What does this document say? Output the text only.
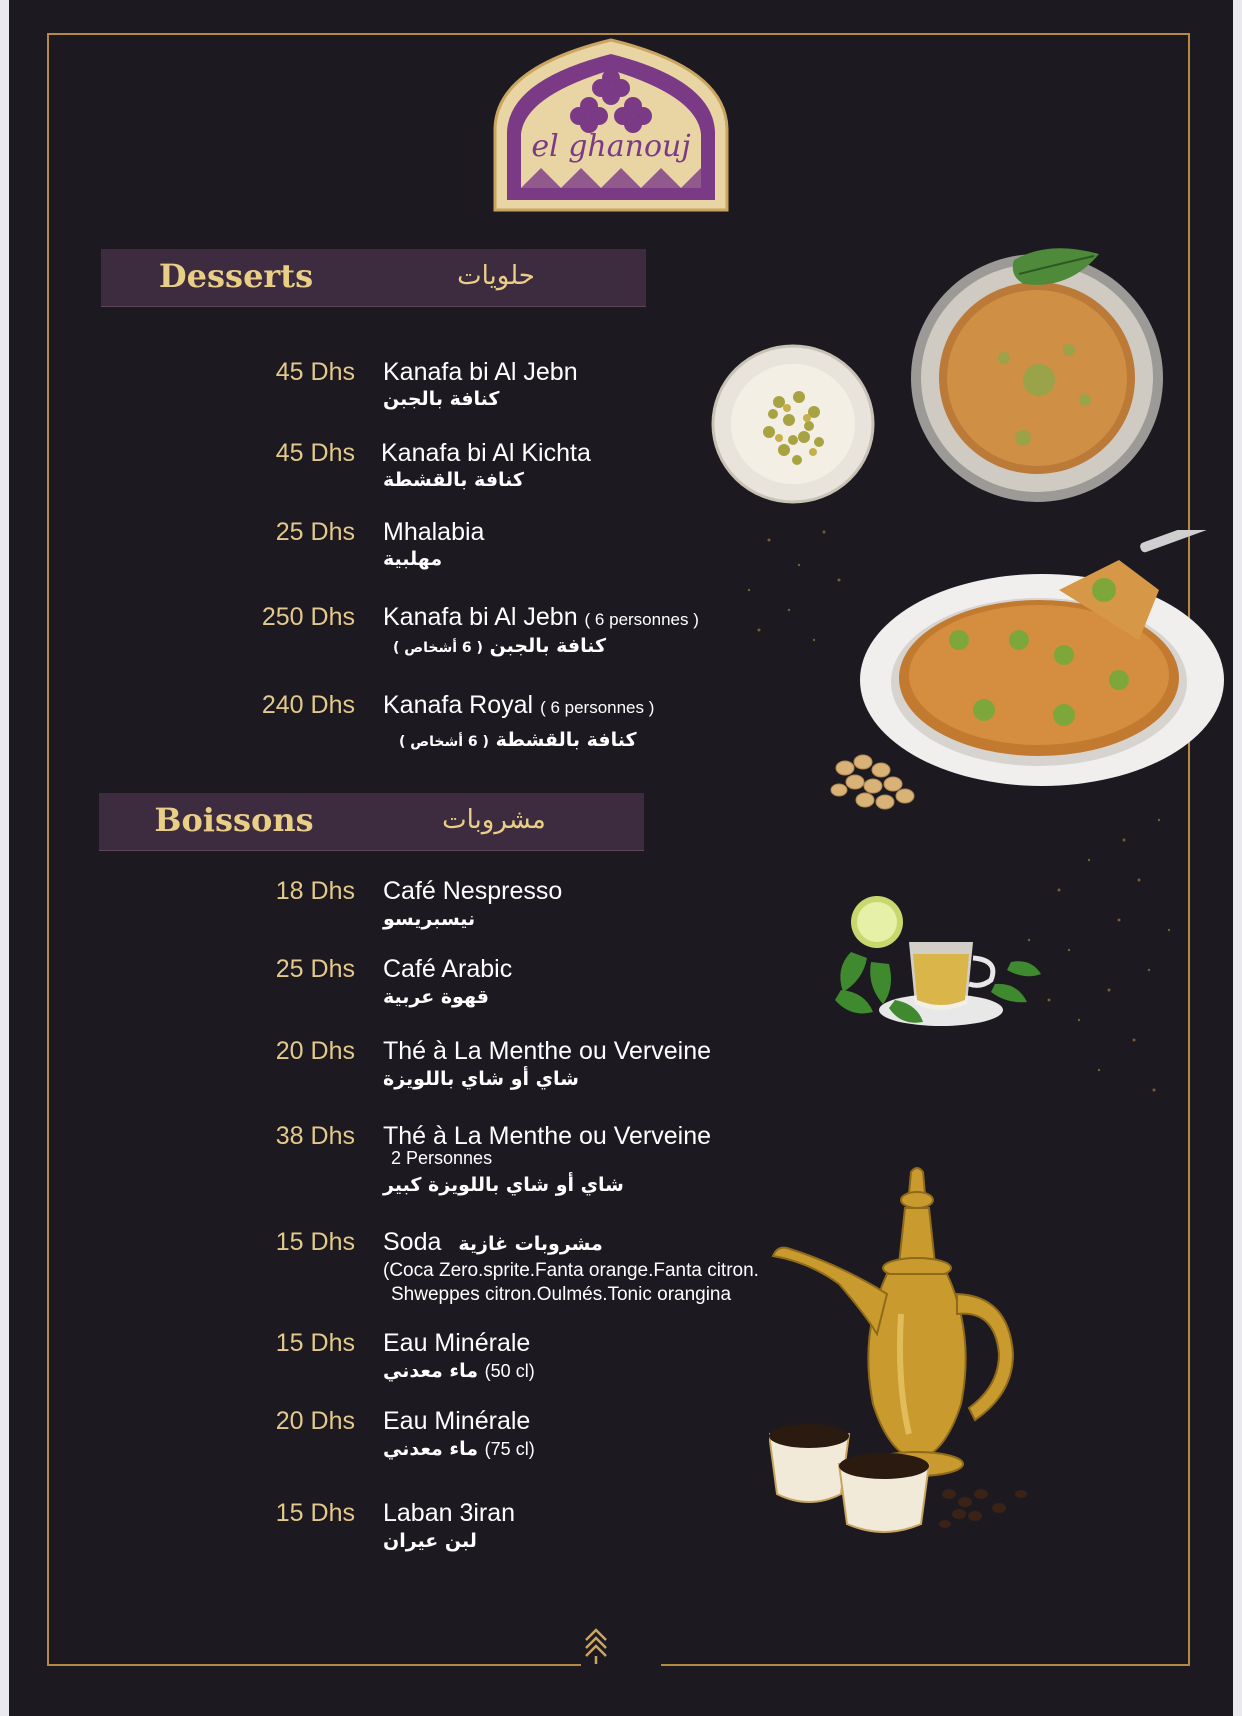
el ghanouj
Desserts	حلويات
45 Dhs Kanafa bi Al Jebn
كنافة بالجبن
45 Dhs Kanafa bi Al Kichta
كنافة بالقشطة
25 Dhs Mhalabia
مهلبية
250 Dhs Kanafa bi Al Jebn ( 6 personnes )
كنافة بالجبن ( 6 أشخاص )
240 Dhs Kanafa Royal ( 6 personnes )
كنافة بالقشطة ( 6 أشخاص )
Boissons	مشروبات
18 Dhs Café Nespresso
نيسبريسو
25 Dhs Café Arabic
قهوة عربية
20 Dhs Thé à La Menthe ou Verveine
شاي أو شاي باللويزة
38 Dhs Thé à La Menthe ou Verveine
2 Personnes
شاي أو شاي باللويزة كبير
15 Dhs Soda مشروبات غازية
(Coca Zero.sprite.Fanta orange.Fanta citron.
Shweppes citron.Oulmés.Tonic orangina
15 Dhs Eau Minérale
ماء معدني (50 cl)
20 Dhs Eau Minérale
ماء معدني (75 cl)
15 Dhs Laban 3iran
لبن عيران
